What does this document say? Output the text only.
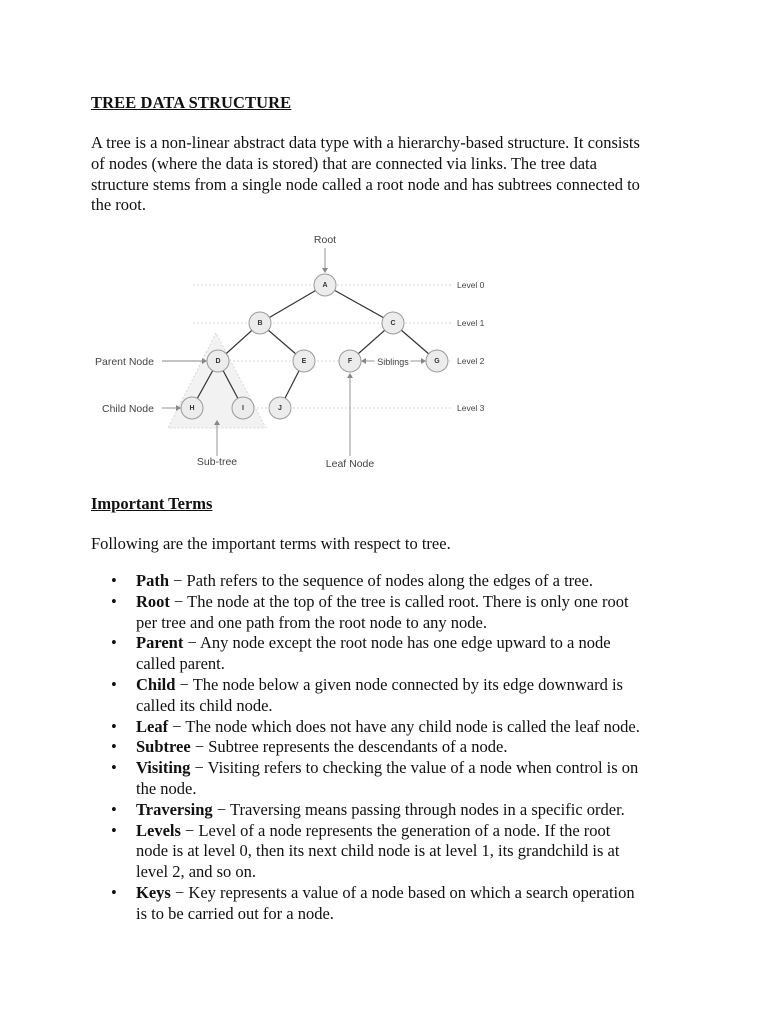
TREE DATA STRUCTURE

A tree is a non-linear abstract data type with a hierarchy-based structure. It consists
of nodes (where the data is stored) that are connected via links. The tree data
structure stems from a single node called a root node and has subtrees connected to
the root.

A
B	C
D	E	F	G
H	I	J
Root
Parent Node
Child Node
Sub-tree	Leaf Node
Siblings
Level 0
Level 1
Level 2
Level 3
Important Terms

Following are the important terms with respect to tree.

• Path − Path refers to the sequence of nodes along the edges of a tree.
• Root − The node at the top of the tree is called root. There is only one root
per tree and one path from the root node to any node.
• Parent − Any node except the root node has one edge upward to a node
called parent.
• Child − The node below a given node connected by its edge downward is
called its child node.
• Leaf − The node which does not have any child node is called the leaf node.
• Subtree − Subtree represents the descendants of a node.
• Visiting − Visiting refers to checking the value of a node when control is on
the node.
• Traversing − Traversing means passing through nodes in a specific order.
• Levels − Level of a node represents the generation of a node. If the root
node is at level 0, then its next child node is at level 1, its grandchild is at
level 2, and so on.
• Keys − Key represents a value of a node based on which a search operation
is to be carried out for a node.
